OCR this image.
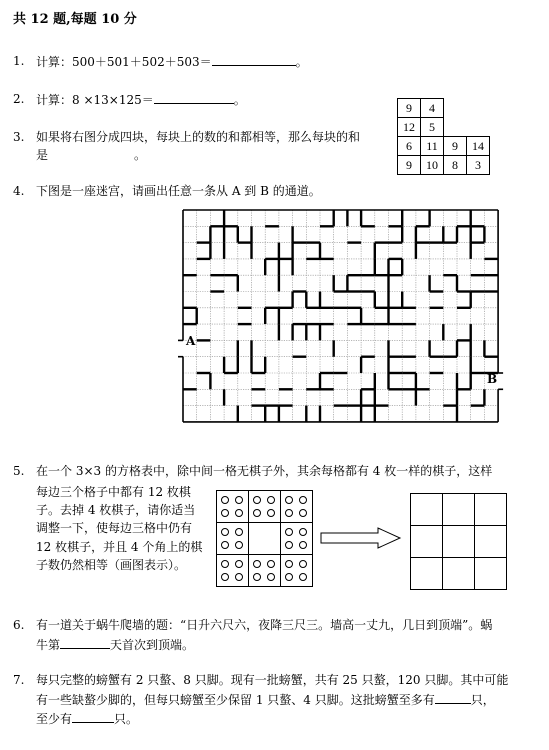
共 12 题,每题 10 分
1. 计算：500＋501＋502＋503＝	。
2. 计算：8 ×13×125＝	。
3. 如果将右图分成四块，每块上的数的和都相等，那么每块的和
是	。
9	4		
12	5		
6	11	9	14
9	10	8	3
4. 下图是一座迷宫，请画出任意一条从 A 到 B 的通道。
A
B
5. 在一个 3×3 的方格表中，除中间一格无棋子外，其余每格都有 4 枚一样的棋子，这样
每边三个格子中都有 12 枚棋
子。去掉 4 枚棋子，请你适当
调整一下，使每边三格中仍有
12 枚棋子，并且 4 个角上的棋
子数仍然相等（画图表示）。
6. 有一道关于蜗牛爬墙的题：“日升六尺六，夜降三尺三。墙高一丈九，几日到顶端”。蜗
牛第	天首次到顶端。
7. 每只完整的螃蟹有 2 只螯、8 只脚。现有一批螃蟹，共有 25 只螯，120 只脚。其中可能
有一些缺螯少脚的，但每只螃蟹至少保留 1 只螯、4 只脚。这批螃蟹至多有	只，
至少有	只。
